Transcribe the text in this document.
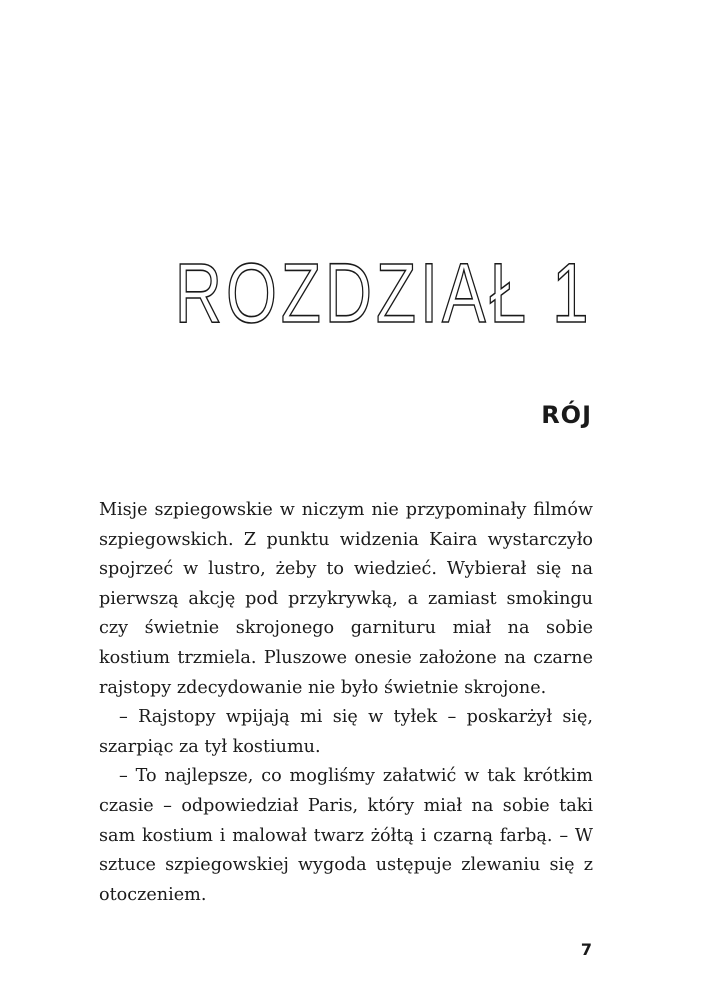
ROZDZIAŁ 1
RÓJ

Misje szpiegowskie w niczym nie przypominały filmów szpiegowskich. Z punktu widzenia Kaira wystarczyło spojrzeć w lustro, żeby to wiedzieć. Wybierał się na pierwszą akcję pod przykrywką, a zamiast smokingu czy świetnie skrojonego garnituru miał na sobie kostium trzmiela. Pluszowe onesie założone na czarne rajstopy zdecydowanie nie było świetnie skrojone.

– Rajstopy wpijają mi się w tyłek – poskarżył się, szarpiąc za tył kostiumu.

– To najlepsze, co mogliśmy załatwić w tak krótkim czasie – odpowiedział Paris, który miał na sobie taki sam kostium i malował twarz żółtą i czarną farbą. – W sztuce szpiegowskiej wygoda ustępuje zlewaniu się z otoczeniem.

7
